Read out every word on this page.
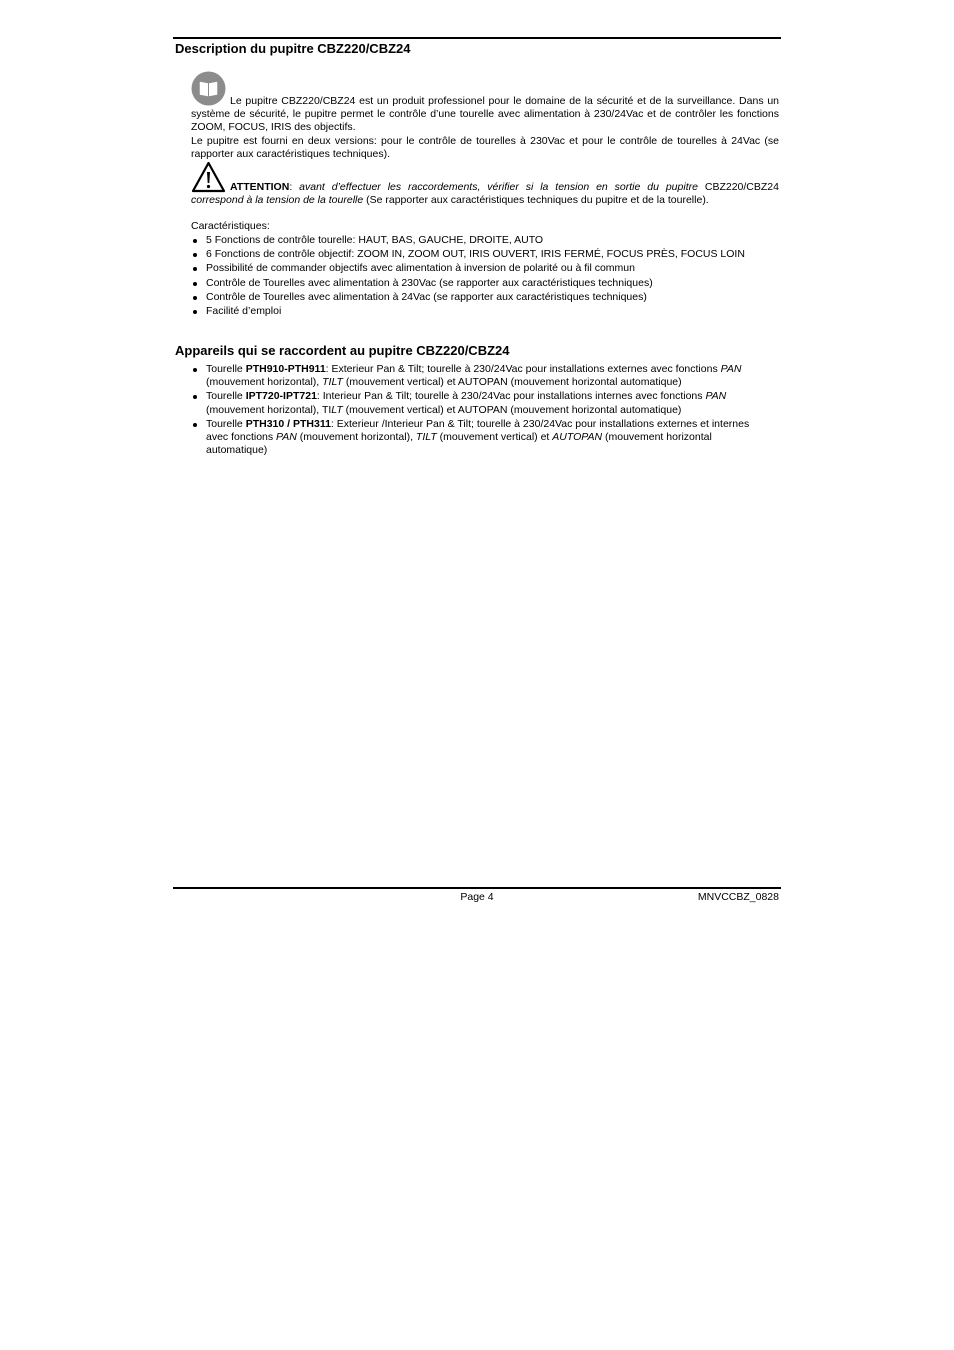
Description du pupitre CBZ220/CBZ24

Le pupitre CBZ220/CBZ24 est un produit professionel pour le domaine de la sécurité et de la surveillance. Dans un système de sécurité, le pupitre permet le contrôle d’une tourelle avec alimentation à 230/24Vac et de contrôler les fonctions ZOOM, FOCUS, IRIS des objectifs.

Le pupitre est fourni en deux versions: pour le contrôle de tourelles à 230Vac et pour le contrôle de tourelles à 24Vac (se rapporter aux caractéristiques techniques).

ATTENTION: avant d’effectuer les raccordements, vérifier si la tension en sortie du pupitre CBZ220/CBZ24 correspond à la tension de la tourelle (Se rapporter aux caractéristiques techniques du pupitre et de la tourelle).
Caractéristiques:
5 Fonctions de contrôle tourelle: HAUT, BAS, GAUCHE, DROITE, AUTO
6 Fonctions de contrôle objectif: ZOOM IN, ZOOM OUT, IRIS OUVERT, IRIS FERMÉ, FOCUS PRÈS, FOCUS LOIN
Possibilité de commander objectifs avec alimentation à inversion de polarité ou à fil commun
Contrôle de Tourelles avec alimentation à 230Vac (se rapporter aux caractéristiques techniques)
Contrôle de Tourelles avec alimentation à 24Vac (se rapporter aux caractéristiques techniques)
Facilité d’emploi
Appareils qui se raccordent au pupitre CBZ220/CBZ24
Tourelle PTH910-PTH911: Exterieur Pan & Tilt; tourelle à 230/24Vac pour installations externes avec fonctions PAN (mouvement horizontal), TILT (mouvement vertical) et AUTOPAN (mouvement horizontal automatique)
Tourelle IPT720-IPT721: Interieur Pan & Tilt; tourelle à 230/24Vac pour installations internes avec fonctions PAN (mouvement horizontal), TILT (mouvement vertical) et AUTOPAN (mouvement horizontal automatique)
Tourelle PTH310 / PTH311: Exterieur /Interieur Pan & Tilt; tourelle à 230/24Vac pour installations externes et internes avec fonctions PAN (mouvement horizontal), TILT (mouvement vertical) et AUTOPAN (mouvement horizontal automatique)
Page 4	MNVCCBZ_0828
